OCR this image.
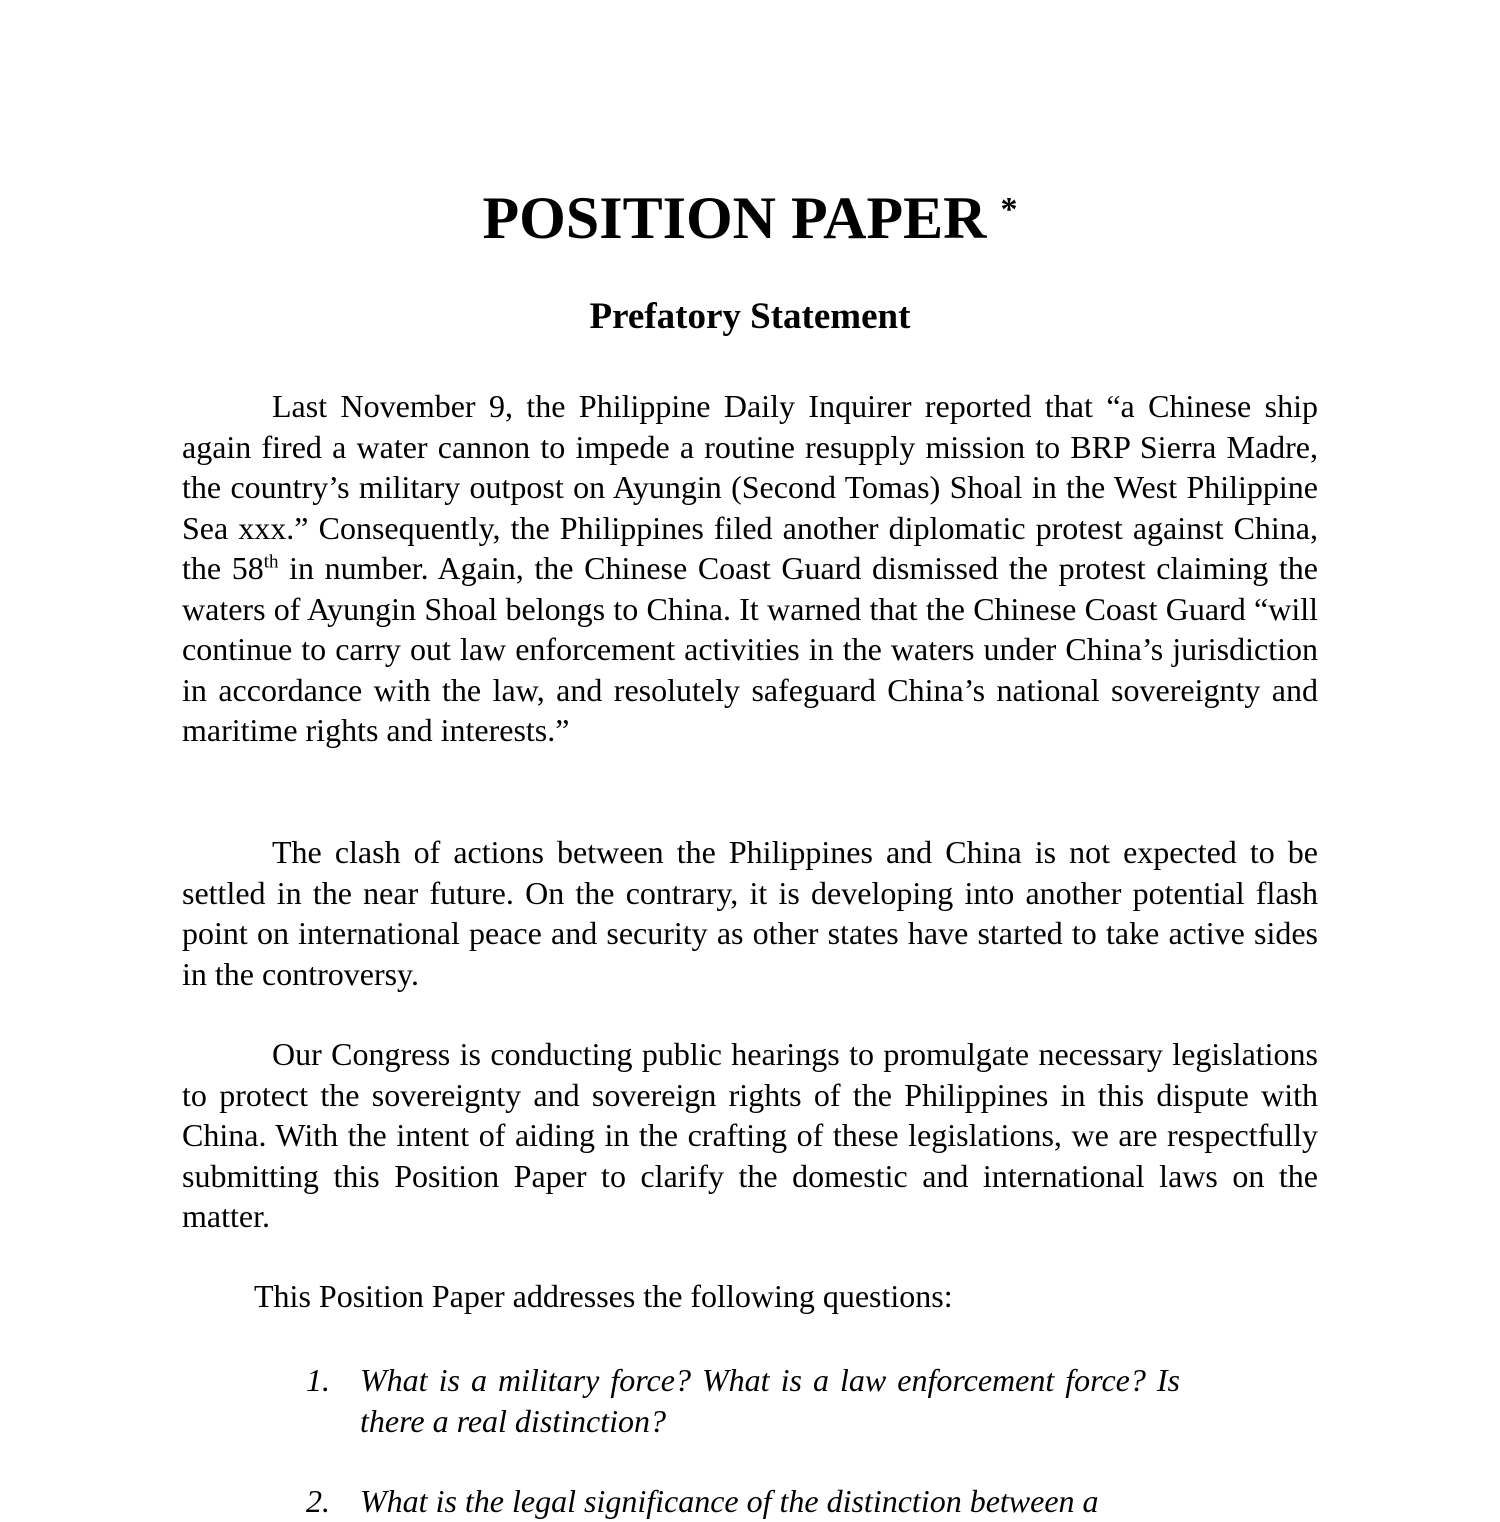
POSITION PAPER *
Prefatory Statement

Last November 9, the Philippine Daily Inquirer reported that “a Chinese ship again fired a water cannon to impede a routine resupply mission to BRP Sierra Madre, the country’s military outpost on Ayungin (Second Tomas) Shoal in the West Philippine Sea xxx.” Consequently, the Philippines filed another diplomatic protest against China, the 58th in number. Again, the Chinese Coast Guard dismissed the protest claiming the waters of Ayungin Shoal belongs to China. It warned that the Chinese Coast Guard “will continue to carry out law enforcement activities in the waters under China’s jurisdiction in accordance with the law, and resolutely safeguard China’s national sovereignty and maritime rights and interests.”

The clash of actions between the Philippines and China is not expected to be settled in the near future. On the contrary, it is developing into another potential flash point on international peace and security as other states have started to take active sides in the controversy.

Our Congress is conducting public hearings to promulgate necessary legislations to protect the sovereignty and sovereign rights of the Philippines in this dispute with China. With the intent of aiding in the crafting of these legislations, we are respectfully submitting this Position Paper to clarify the domestic and international laws on the matter.

This Position Paper addresses the following questions:
1. What is a military force? What is a law enforcement force? Is there a real distinction?
2. What is the legal significance of the distinction between a
